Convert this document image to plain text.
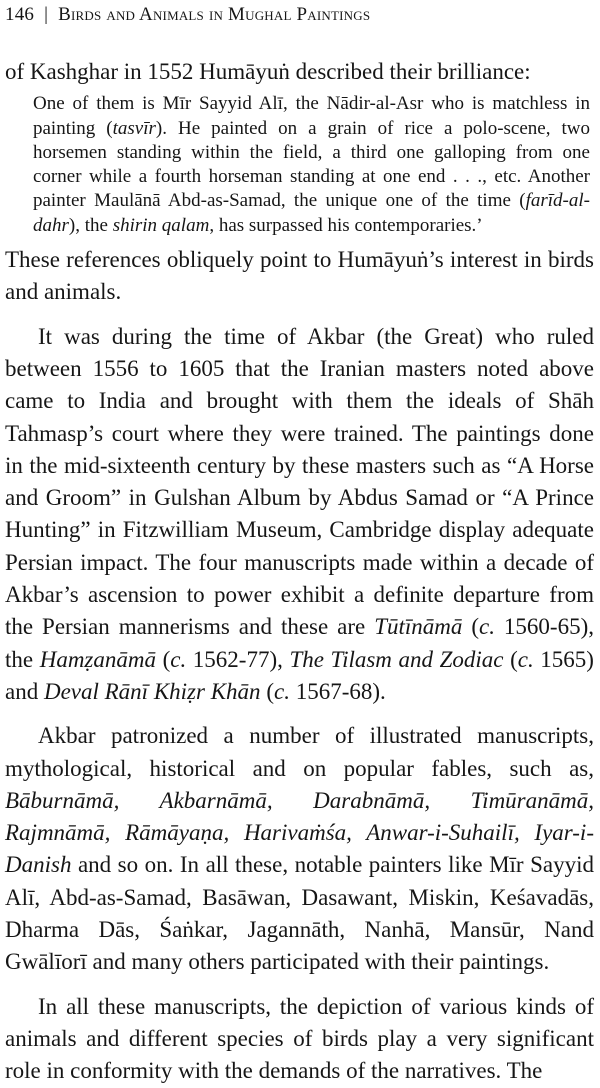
146 | Birds and Animals in Mughal Paintings

of Kashghar in 1552 Humāyuṅ described their brilliance:

One of them is Mīr Sayyid Alī, the Nādir-al-Asr who is matchless in painting (tasvīr). He painted on a grain of rice a polo-scene, two horsemen standing within the field, a third one galloping from one corner while a fourth horseman standing at one end . . ., etc. Another painter Maulānā Abd-as-Samad, the unique one of the time (farīd-al-dahr), the shirin qalam, has surpassed his contemporaries.’

These references obliquely point to Humāyuṅ’s interest in birds and animals.

It was during the time of Akbar (the Great) who ruled between 1556 to 1605 that the Iranian masters noted above came to India and brought with them the ideals of Shāh Tahmasp’s court where they were trained. The paintings done in the mid-sixteenth century by these masters such as “A Horse and Groom” in Gulshan Album by Abdus Samad or “A Prince Hunting” in Fitzwilliam Museum, Cambridge display adequate Persian impact. The four manuscripts made within a decade of Akbar’s ascension to power exhibit a definite departure from the Persian mannerisms and these are Tūtīnāmā (c. 1560-65), the Hamẓanāmā (c. 1562-77), The Tilasm and Zodiac (c. 1565) and Deval Rānī Khiẓr Khān (c. 1567-68).

Akbar patronized a number of illustrated manuscripts, mythological, historical and on popular fables, such as, Bāburnāmā, Akbarnāmā, Darabnāmā, Timūranāmā, Rajmnāmā, Rāmāyaṇa, Harivaṁśa, Anwar-i-Suhailī, Iyar-i-Danish and so on. In all these, notable painters like Mīr Sayyid Alī, Abd-as-Samad, Basāwan, Dasawant, Miskin, Keśavadās, Dharma Dās, Śaṅkar, Jagannāth, Nanhā, Mansūr, Nand Gwālīorī and many others participated with their paintings.

In all these manuscripts, the depiction of various kinds of animals and different species of birds play a very significant role in conformity with the demands of the narratives. The
